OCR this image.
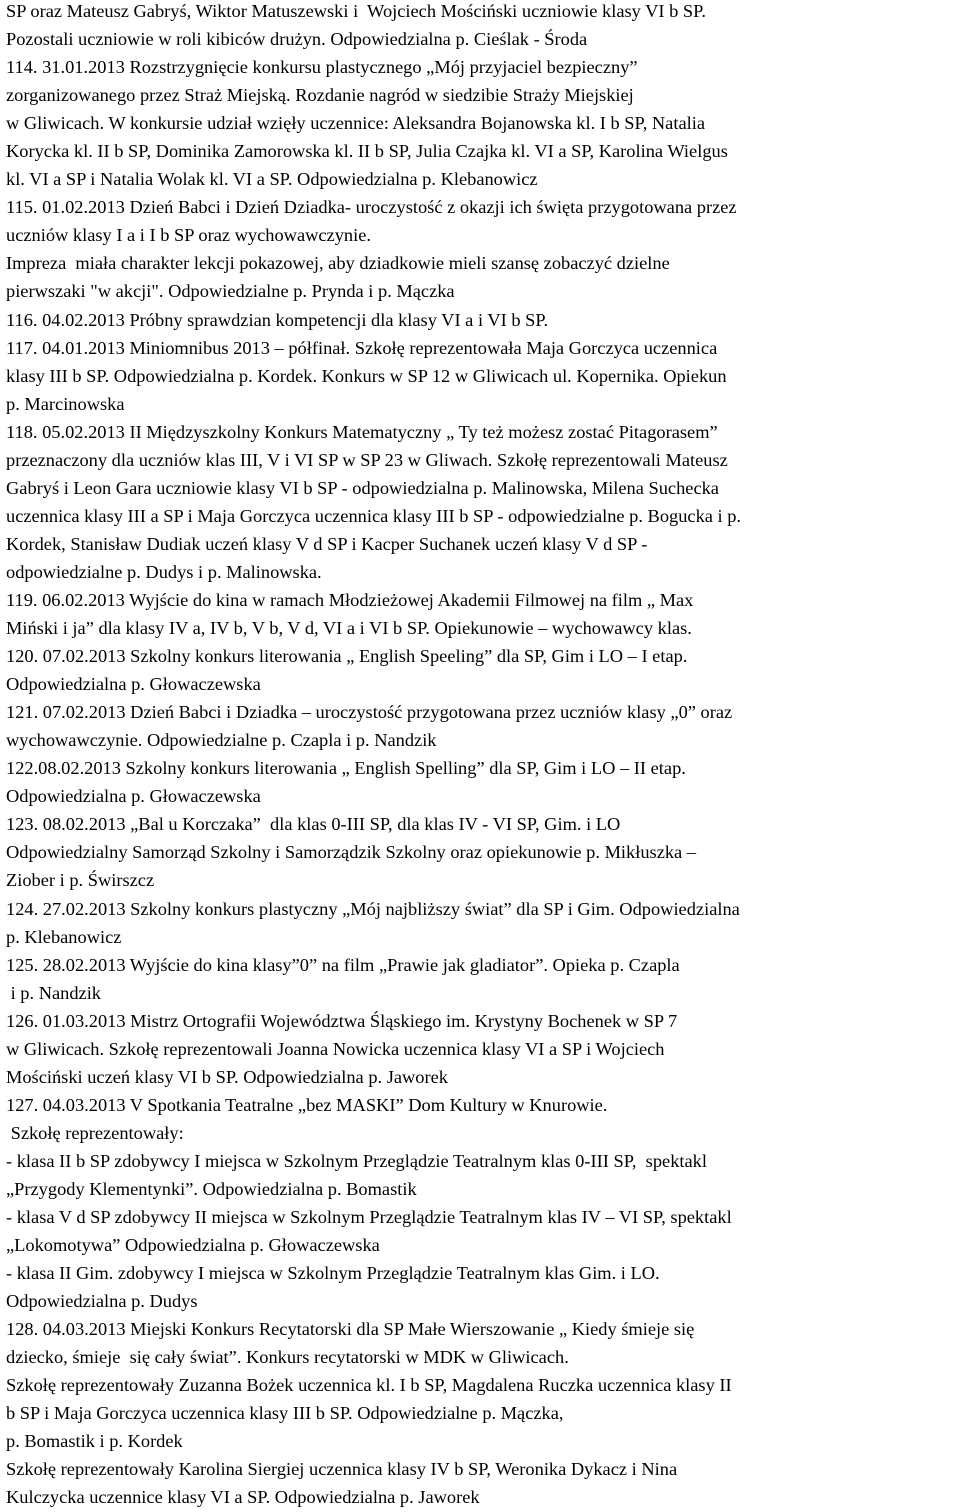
SP oraz Mateusz Gabryś, Wiktor Matuszewski i  Wojciech Mościński uczniowie klasy VI b SP.
Pozostali uczniowie w roli kibiców drużyn. Odpowiedzialna p. Cieślak - Środa
114. 31.01.2013 Rozstrzygnięcie konkursu plastycznego „Mój przyjaciel bezpieczny”
zorganizowanego przez Straż Miejską. Rozdanie nagród w siedzibie Straży Miejskiej
w Gliwicach. W konkursie udział wzięły uczennice: Aleksandra Bojanowska kl. I b SP, Natalia
Korycka kl. II b SP, Dominika Zamorowska kl. II b SP, Julia Czajka kl. VI a SP, Karolina Wielgus
kl. VI a SP i Natalia Wolak kl. VI a SP. Odpowiedzialna p. Klebanowicz
115. 01.02.2013 Dzień Babci i Dzień Dziadka- uroczystość z okazji ich święta przygotowana przez
uczniów klasy I a i I b SP oraz wychowawczynie.
Impreza  miała charakter lekcji pokazowej, aby dziadkowie mieli szansę zobaczyć dzielne
pierwszaki "w akcji". Odpowiedzialne p. Prynda i p. Mączka
116. 04.02.2013 Próbny sprawdzian kompetencji dla klasy VI a i VI b SP.
117. 04.01.2013 Miniomnibus 2013 – półfinał. Szkołę reprezentowała Maja Gorczyca uczennica
klasy III b SP. Odpowiedzialna p. Kordek. Konkurs w SP 12 w Gliwicach ul. Kopernika. Opiekun
p. Marcinowska
118. 05.02.2013 II Międzyszkolny Konkurs Matematyczny „ Ty też możesz zostać Pitagorasem”
przeznaczony dla uczniów klas III, V i VI SP w SP 23 w Gliwach. Szkołę reprezentowali Mateusz
Gabryś i Leon Gara uczniowie klasy VI b SP - odpowiedzialna p. Malinowska, Milena Suchecka
uczennica klasy III a SP i Maja Gorczyca uczennica klasy III b SP - odpowiedzialne p. Bogucka i p.
Kordek, Stanisław Dudiak uczeń klasy V d SP i Kacper Suchanek uczeń klasy V d SP -
odpowiedzialne p. Dudys i p. Malinowska.
119. 06.02.2013 Wyjście do kina w ramach Młodzieżowej Akademii Filmowej na film „ Max
Miński i ja” dla klasy IV a, IV b, V b, V d, VI a i VI b SP. Opiekunowie – wychowawcy klas.
120. 07.02.2013 Szkolny konkurs literowania „ English Speeling” dla SP, Gim i LO – I etap.
Odpowiedzialna p. Głowaczewska
121. 07.02.2013 Dzień Babci i Dziadka – uroczystość przygotowana przez uczniów klasy „0” oraz
wychowawczynie. Odpowiedzialne p. Czapla i p. Nandzik
122.08.02.2013 Szkolny konkurs literowania „ English Spelling” dla SP, Gim i LO – II etap.
Odpowiedzialna p. Głowaczewska
123. 08.02.2013 „Bal u Korczaka”  dla klas 0-III SP, dla klas IV - VI SP, Gim. i LO
Odpowiedzialny Samorząd Szkolny i Samorządzik Szkolny oraz opiekunowie p. Mikłuszka –
Ziober i p. Świrszcz
124. 27.02.2013 Szkolny konkurs plastyczny „Mój najbliższy świat” dla SP i Gim. Odpowiedzialna
p. Klebanowicz
125. 28.02.2013 Wyjście do kina klasy”0” na film „Prawie jak gladiator”. Opieka p. Czapla
i p. Nandzik
126. 01.03.2013 Mistrz Ortografii Województwa Śląskiego im. Krystyny Bochenek w SP 7
w Gliwicach. Szkołę reprezentowali Joanna Nowicka uczennica klasy VI a SP i Wojciech
Mościński uczeń klasy VI b SP. Odpowiedzialna p. Jaworek
127. 04.03.2013 V Spotkania Teatralne „bez MASKI” Dom Kultury w Knurowie.
Szkołę reprezentowały:
- klasa II b SP zdobywcy I miejsca w Szkolnym Przeglądzie Teatralnym klas 0-III SP,  spektakl
„Przygody Klementynki”. Odpowiedzialna p. Bomastik
- klasa V d SP zdobywcy II miejsca w Szkolnym Przeglądzie Teatralnym klas IV – VI SP, spektakl
„Lokomotywa” Odpowiedzialna p. Głowaczewska
- klasa II Gim. zdobywcy I miejsca w Szkolnym Przeglądzie Teatralnym klas Gim. i LO.
Odpowiedzialna p. Dudys
128. 04.03.2013 Miejski Konkurs Recytatorski dla SP Małe Wierszowanie „ Kiedy śmieje się
dziecko, śmieje  się cały świat”. Konkurs recytatorski w MDK w Gliwicach.
Szkołę reprezentowały Zuzanna Bożek uczennica kl. I b SP, Magdalena Ruczka uczennica klasy II
b SP i Maja Gorczyca uczennica klasy III b SP. Odpowiedzialne p. Mączka,
p. Bomastik i p. Kordek
Szkołę reprezentowały Karolina Siergiej uczennica klasy IV b SP, Weronika Dykacz i Nina
Kulczycka uczennice klasy VI a SP. Odpowiedzialna p. Jaworek
